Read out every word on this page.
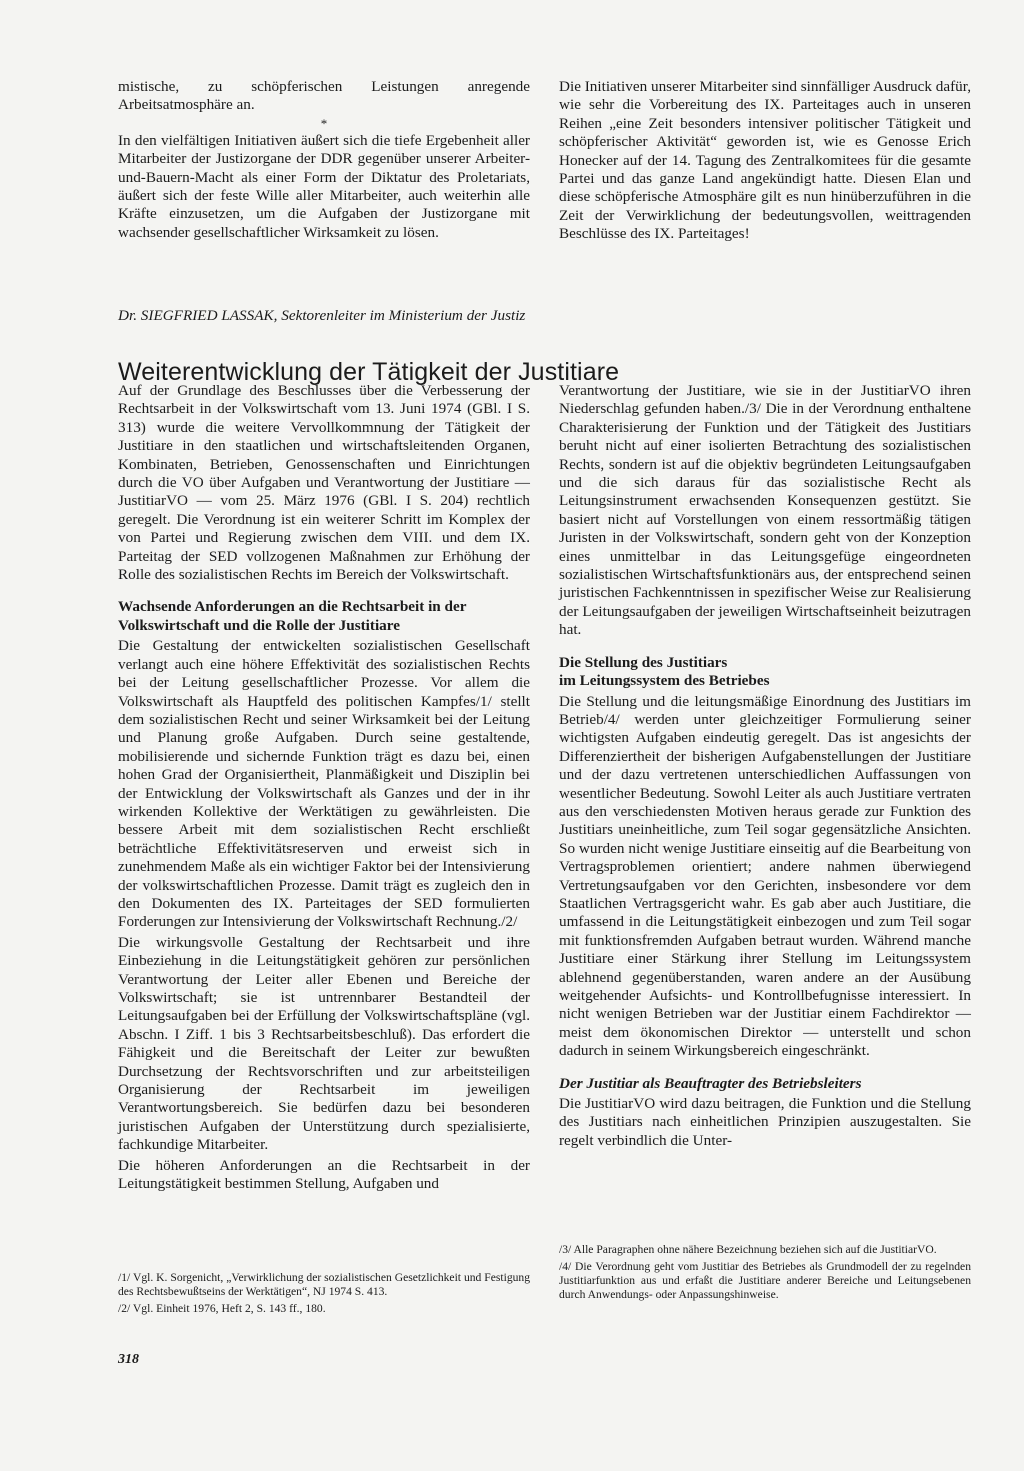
mistische, zu schöpferischen Leistungen anregende Arbeitsatmosphäre an.

*

In den vielfältigen Initiativen äußert sich die tiefe Ergebenheit aller Mitarbeiter der Justizorgane der DDR gegenüber unserer Arbeiter-und-Bauern-Macht als einer Form der Diktatur des Proletariats, äußert sich der feste Wille aller Mitarbeiter, auch weiterhin alle Kräfte einzusetzen, um die Aufgaben der Justizorgane mit wachsender gesellschaftlicher Wirksamkeit zu lösen.

Die Initiativen unserer Mitarbeiter sind sinnfälliger Ausdruck dafür, wie sehr die Vorbereitung des IX. Parteitages auch in unseren Reihen „eine Zeit besonders intensiver politischer Tätigkeit und schöpferischer Aktivität“ geworden ist, wie es Genosse Erich Honecker auf der 14. Tagung des Zentralkomitees für die gesamte Partei und das ganze Land angekündigt hatte. Diesen Elan und diese schöpferische Atmosphäre gilt es nun hinüberzuführen in die Zeit der Verwirklichung der bedeutungsvollen, weittragenden Beschlüsse des IX. Parteitages!

Dr. SIEGFRIED LASSAK, Sektorenleiter im Ministerium der Justiz
Weiterentwicklung der Tätigkeit der Justitiare

Auf der Grundlage des Beschlusses über die Verbesserung der Rechtsarbeit in der Volkswirtschaft vom 13. Juni 1974 (GBl. I S. 313) wurde die weitere Vervollkommnung der Tätigkeit der Justitiare in den staatlichen und wirtschaftsleitenden Organen, Kombinaten, Betrieben, Genossenschaften und Einrichtungen durch die VO über Aufgaben und Verantwortung der Justitiare — JustitiarVO — vom 25. März 1976 (GBl. I S. 204) rechtlich geregelt. Die Verordnung ist ein weiterer Schritt im Komplex der von Partei und Regierung zwischen dem VIII. und dem IX. Parteitag der SED vollzogenen Maßnahmen zur Erhöhung der Rolle des sozialistischen Rechts im Bereich der Volkswirtschaft.

Wachsende Anforderungen an die Rechtsarbeit in der Volkswirtschaft und die Rolle der Justitiare

Die Gestaltung der entwickelten sozialistischen Gesellschaft verlangt auch eine höhere Effektivität des sozialistischen Rechts bei der Leitung gesellschaftlicher Prozesse. Vor allem die Volkswirtschaft als Hauptfeld des politischen Kampfes/1/ stellt dem sozialistischen Recht und seiner Wirksamkeit bei der Leitung und Planung große Aufgaben. Durch seine gestaltende, mobilisierende und sichernde Funktion trägt es dazu bei, einen hohen Grad der Organisiertheit, Planmäßigkeit und Disziplin bei der Entwicklung der Volkswirtschaft als Ganzes und der in ihr wirkenden Kollektive der Werktätigen zu gewährleisten. Die bessere Arbeit mit dem sozialistischen Recht erschließt beträchtliche Effektivitätsreserven und erweist sich in zunehmendem Maße als ein wichtiger Faktor bei der Intensivierung der volkswirtschaftlichen Prozesse. Damit trägt es zugleich den in den Dokumenten des IX. Parteitages der SED formulierten Forderungen zur Intensivierung der Volkswirtschaft Rechnung./2/

Die wirkungsvolle Gestaltung der Rechtsarbeit und ihre Einbeziehung in die Leitungstätigkeit gehören zur persönlichen Verantwortung der Leiter aller Ebenen und Bereiche der Volkswirtschaft; sie ist untrennbarer Bestandteil der Leitungsaufgaben bei der Erfüllung der Volkswirtschaftspläne (vgl. Abschn. I Ziff. 1 bis 3 Rechtsarbeitsbeschluß). Das erfordert die Fähigkeit und die Bereitschaft der Leiter zur bewußten Durchsetzung der Rechtsvorschriften und zur arbeitsteiligen Organisierung der Rechtsarbeit im jeweiligen Verantwortungsbereich. Sie bedürfen dazu bei besonderen juristischen Aufgaben der Unterstützung durch spezialisierte, fachkundige Mitarbeiter.

Die höheren Anforderungen an die Rechtsarbeit in der Leitungstätigkeit bestimmen Stellung, Aufgaben und

Verantwortung der Justitiare, wie sie in der JustitiarVO ihren Niederschlag gefunden haben./3/ Die in der Verordnung enthaltene Charakterisierung der Funktion und der Tätigkeit des Justitiars beruht nicht auf einer isolierten Betrachtung des sozialistischen Rechts, sondern ist auf die objektiv begründeten Leitungsaufgaben und die sich daraus für das sozialistische Recht als Leitungsinstrument erwachsenden Konsequenzen gestützt. Sie basiert nicht auf Vorstellungen von einem ressortmäßig tätigen Juristen in der Volkswirtschaft, sondern geht von der Konzeption eines unmittelbar in das Leitungsgefüge eingeordneten sozialistischen Wirtschaftsfunktionärs aus, der entsprechend seinen juristischen Fachkenntnissen in spezifischer Weise zur Realisierung der Leitungsaufgaben der jeweiligen Wirtschaftseinheit beizutragen hat.

Die Stellung des Justitiars
im Leitungssystem des Betriebes

Die Stellung und die leitungsmäßige Einordnung des Justitiars im Betrieb/4/ werden unter gleichzeitiger Formulierung seiner wichtigsten Aufgaben eindeutig geregelt. Das ist angesichts der Differenziertheit der bisherigen Aufgabenstellungen der Justitiare und der dazu vertretenen unterschiedlichen Auffassungen von wesentlicher Bedeutung. Sowohl Leiter als auch Justitiare vertraten aus den verschiedensten Motiven heraus gerade zur Funktion des Justitiars uneinheitliche, zum Teil sogar gegensätzliche Ansichten. So wurden nicht wenige Justitiare einseitig auf die Bearbeitung von Vertragsproblemen orientiert; andere nahmen überwiegend Vertretungsaufgaben vor den Gerichten, insbesondere vor dem Staatlichen Vertragsgericht wahr. Es gab aber auch Justitiare, die umfassend in die Leitungstätigkeit einbezogen und zum Teil sogar mit funktionsfremden Aufgaben betraut wurden. Während manche Justitiare einer Stärkung ihrer Stellung im Leitungssystem ablehnend gegenüberstanden, waren andere an der Ausübung weitgehender Aufsichts- und Kontrollbefugnisse interessiert. In nicht wenigen Betrieben war der Justitiar einem Fachdirektor — meist dem ökonomischen Direktor — unterstellt und schon dadurch in seinem Wirkungsbereich eingeschränkt.

Der Justitiar als Beauftragter des Betriebsleiters

Die JustitiarVO wird dazu beitragen, die Funktion und die Stellung des Justitiars nach einheitlichen Prinzipien auszugestalten. Sie regelt verbindlich die Unter-

/1/ Vgl. K. Sorgenicht, „Verwirklichung der sozialistischen Gesetzlichkeit und Festigung des Rechtsbewußtseins der Werktätigen“, NJ 1974 S. 413.

/2/ Vgl. Einheit 1976, Heft 2, S. 143 ff., 180.

/3/ Alle Paragraphen ohne nähere Bezeichnung beziehen sich auf die JustitiarVO.

/4/ Die Verordnung geht vom Justitiar des Betriebes als Grundmodell der zu regelnden Justitiarfunktion aus und erfaßt die Justitiare anderer Bereiche und Leitungsebenen durch Anwendungs- oder Anpassungshinweise.

318
